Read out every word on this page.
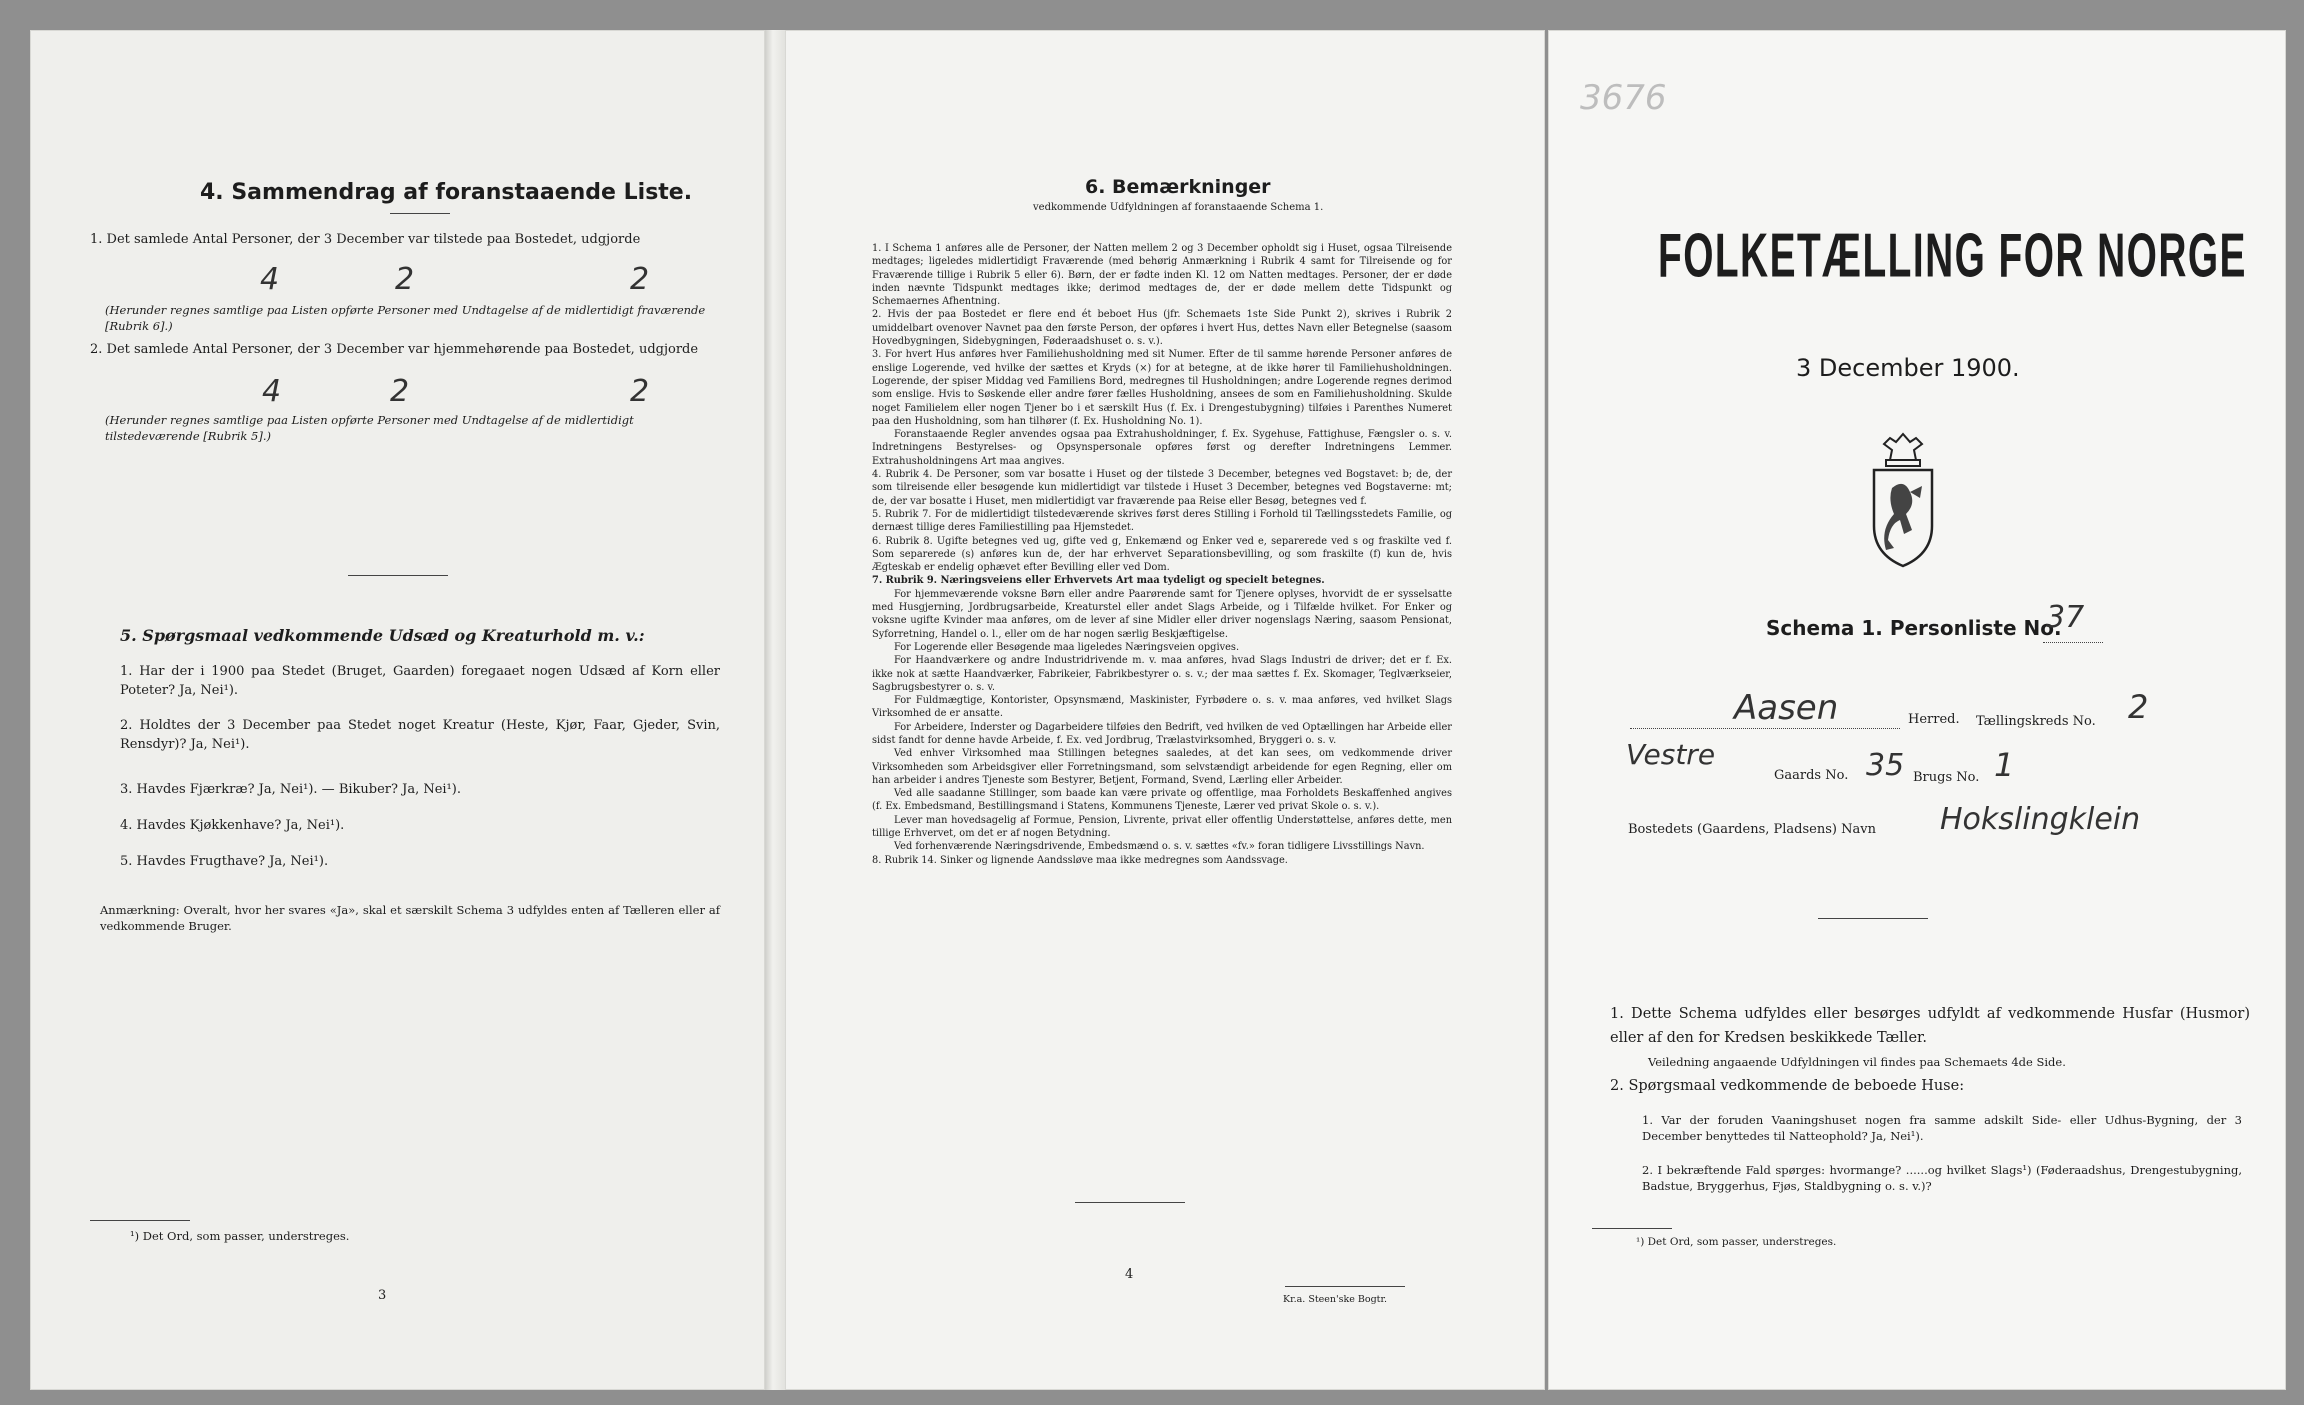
4. Sammendrag af foranstaaende Liste.

1. Det samlede Antal Personer, der 3 December var tilstede paa Bostedet, udgjorde

4	2	2

(Herunder regnes samtlige paa Listen opførte Personer med Undtagelse af de midlertidigt fraværende [Rubrik 6].)

2. Det samlede Antal Personer, der 3 December var hjemmehørende paa Bostedet, udgjorde

4	2	2

(Herunder regnes samtlige paa Listen opførte Personer med Undtagelse af de midlertidigt tilstedeværende [Rubrik 5].)

5. Spørgsmaal vedkommende Udsæd og Kreaturhold m. v.:

1. Har der i 1900 paa Stedet (Bruget, Gaarden) foregaaet nogen Udsæd af Korn eller Poteter? Ja, Nei¹).

2. Holdtes der 3 December paa Stedet noget Kreatur (Heste, Kjør, Faar, Gjeder, Svin, Rensdyr)? Ja, Nei¹).

3. Havdes Fjærkræ? Ja, Nei¹). — Bikuber? Ja, Nei¹).

4. Havdes Kjøkkenhave? Ja, Nei¹).

5. Havdes Frugthave? Ja, Nei¹).

Anmærkning: Overalt, hvor her svares «Ja», skal et særskilt Schema 3 udfyldes enten af Tælleren eller af vedkommende Bruger.

¹) Det Ord, som passer, understreges.

3

6. Bemærkninger

vedkommende Udfyldningen af foranstaaende Schema 1.

1. I Schema 1 anføres alle de Personer, der Natten mellem 2 og 3 December opholdt sig i Huset, ogsaa Tilreisende medtages; ligeledes midlertidigt Fraværende (med behørig Anmærkning i Rubrik 4 samt for Tilreisende og for Fraværende tillige i Rubrik 5 eller 6). Børn, der er fødte inden Kl. 12 om Natten medtages. Personer, der er døde inden nævnte Tidspunkt medtages ikke; derimod medtages de, der er døde mellem dette Tidspunkt og Schemaernes Afhentning.

2. Hvis der paa Bostedet er flere end ét beboet Hus (jfr. Schemaets 1ste Side Punkt 2), skrives i Rubrik 2 umiddelbart ovenover Navnet paa den første Person, der opføres i hvert Hus, dettes Navn eller Betegnelse (saasom Hovedbygningen, Sidebygningen, Føderaadshuset o. s. v.).

3. For hvert Hus anføres hver Familiehusholdning med sit Numer. Efter de til samme hørende Personer anføres de enslige Logerende, ved hvilke der sættes et Kryds (×) for at betegne, at de ikke hører til Familiehusholdningen. Logerende, der spiser Middag ved Familiens Bord, medregnes til Husholdningen; andre Logerende regnes derimod som enslige. Hvis to Søskende eller andre fører fælles Husholdning, ansees de som en Familiehusholdning. Skulde noget Familielem eller nogen Tjener bo i et særskilt Hus (f. Ex. i Drengestubygning) tilføies i Parenthes Numeret paa den Husholdning, som han tilhører (f. Ex. Husholdning No. 1).

Foranstaaende Regler anvendes ogsaa paa Extrahusholdninger, f. Ex. Sygehuse, Fattighuse, Fængsler o. s. v. Indretningens Bestyrelses- og Opsynspersonale opføres først og derefter Indretningens Lemmer. Extrahusholdningens Art maa angives.

4. Rubrik 4. De Personer, som var bosatte i Huset og der tilstede 3 December, betegnes ved Bogstavet: b; de, der som tilreisende eller besøgende kun midlertidigt var tilstede i Huset 3 December, betegnes ved Bogstaverne: mt; de, der var bosatte i Huset, men midlertidigt var fraværende paa Reise eller Besøg, betegnes ved f.

5. Rubrik 7. For de midlertidigt tilstedeværende skrives først deres Stilling i Forhold til Tællingsstedets Familie, og dernæst tillige deres Familiestilling paa Hjemstedet.

6. Rubrik 8. Ugifte betegnes ved ug, gifte ved g, Enkemænd og Enker ved e, separerede ved s og fraskilte ved f. Som separerede (s) anføres kun de, der har erhvervet Separationsbevilling, og som fraskilte (f) kun de, hvis Ægteskab er endelig ophævet efter Bevilling eller ved Dom.

7. Rubrik 9. Næringsveiens eller Erhvervets Art maa tydeligt og specielt betegnes.

For hjemmeværende voksne Børn eller andre Paarørende samt for Tjenere oplyses, hvorvidt de er sysselsatte med Husgjerning, Jordbrugsarbeide, Kreaturstel eller andet Slags Arbeide, og i Tilfælde hvilket. For Enker og voksne ugifte Kvinder maa anføres, om de lever af sine Midler eller driver nogenslags Næring, saasom Pensionat, Syforretning, Handel o. l., eller om de har nogen særlig Beskjæftigelse.

For Logerende eller Besøgende maa ligeledes Næringsveien opgives.

For Haandværkere og andre Industridrivende m. v. maa anføres, hvad Slags Industri de driver; det er f. Ex. ikke nok at sætte Haandværker, Fabrikeier, Fabrikbestyrer o. s. v.; der maa sættes f. Ex. Skomager, Teglværkseier, Sagbrugsbestyrer o. s. v.

For Fuldmægtige, Kontorister, Opsynsmænd, Maskinister, Fyrbødere o. s. v. maa anføres, ved hvilket Slags Virksomhed de er ansatte.

For Arbeidere, Inderster og Dagarbeidere tilføies den Bedrift, ved hvilken de ved Optællingen har Arbeide eller sidst fandt for denne havde Arbeide, f. Ex. ved Jordbrug, Trælastvirksomhed, Bryggeri o. s. v.

Ved enhver Virksomhed maa Stillingen betegnes saaledes, at det kan sees, om vedkommende driver Virksomheden som Arbeidsgiver eller Forretningsmand, som selvstændigt arbeidende for egen Regning, eller om han arbeider i andres Tjeneste som Bestyrer, Betjent, Formand, Svend, Lærling eller Arbeider.

Ved alle saadanne Stillinger, som baade kan være private og offentlige, maa Forholdets Beskaffenhed angives (f. Ex. Embedsmand, Bestillingsmand i Statens, Kommunens Tjeneste, Lærer ved privat Skole o. s. v.).

Lever man hovedsagelig af Formue, Pension, Livrente, privat eller offentlig Understøttelse, anføres dette, men tillige Erhvervet, om det er af nogen Betydning.

Ved forhenværende Næringsdrivende, Embedsmænd o. s. v. sættes «fv.» foran tidligere Livsstillings Navn.

8. Rubrik 14. Sinker og lignende Aandssløve maa ikke medregnes som Aandssvage.

4

Kr.a. Steen'ske Bogtr.

3676

FOLKETÆLLING FOR NORGE

3 December 1900.

Schema 1. Personliste No.

37
Aasen	Herred. Tællingskreds No. 2
Vestre
Gaards No. 35 Brugs No. 1
Bostedets (Gaardens, Pladsens) Navn Hokslingklein

1. Dette Schema udfyldes eller besørges udfyldt af vedkommende Husfar (Husmor) eller af den for Kredsen beskikkede Tæller.

Veiledning angaaende Udfyldningen vil findes paa Schemaets 4de Side.

2. Spørgsmaal vedkommende de beboede Huse:

1. Var der foruden Vaaningshuset nogen fra samme adskilt Side- eller Udhus-Bygning, der 3 December benyttedes til Natteophold? Ja, Nei¹).

2. I bekræftende Fald spørges: hvormange? ......og hvilket Slags¹) (Føderaadshus, Drengestubygning, Badstue, Bryggerhus, Fjøs, Staldbygning o. s. v.)?

¹) Det Ord, som passer, understreges.
